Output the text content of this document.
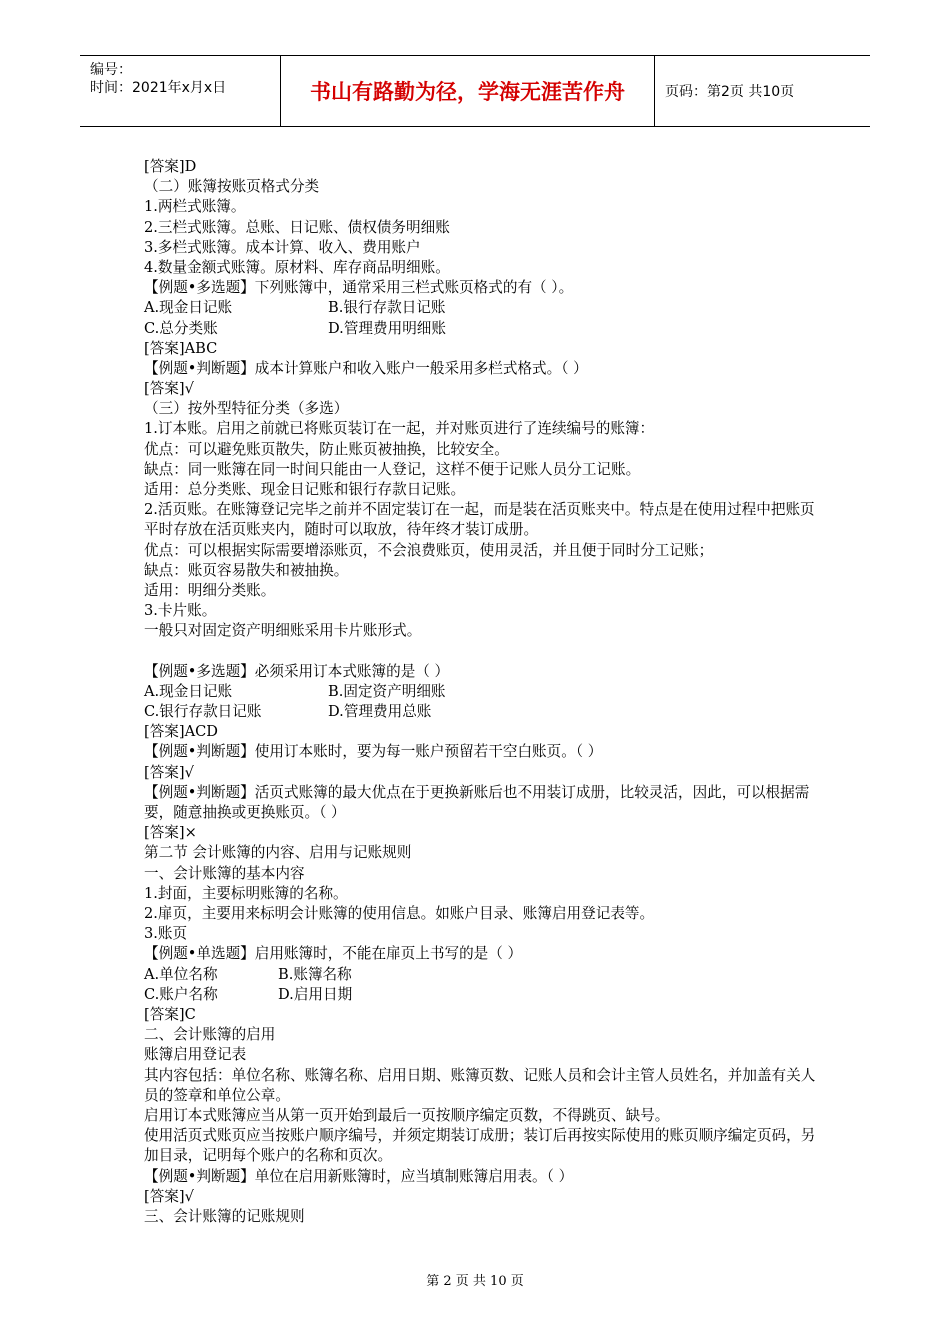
编号：
时间：2021年x月x日	书山有路勤为径，学海无涯苦作舟	页码：第2页 共10页
[答案]D
（二）账簿按账页格式分类
1.两栏式账簿。
2.三栏式账簿。总账、日记账、债权债务明细账
3.多栏式账簿。成本计算、收入、费用账户
4.数量金额式账簿。原材料、库存商品明细账。
【例题•多选题】下列账簿中，通常采用三栏式账页格式的有（ ）。
A.现金日记账	B.银行存款日记账
C.总分类账	D.管理费用明细账
[答案]ABC
【例题•判断题】成本计算账户和收入账户一般采用多栏式格式。（ ）
[答案]√
（三）按外型特征分类（多选）
1.订本账。启用之前就已将账页装订在一起，并对账页进行了连续编号的账簿：
优点：可以避免账页散失，防止账页被抽换，比较安全。
缺点：同一账簿在同一时间只能由一人登记，这样不便于记账人员分工记账。
适用：总分类账、现金日记账和银行存款日记账。
2.活页账。在账簿登记完毕之前并不固定装订在一起，而是装在活页账夹中。特点是在使用过程中把账页平时存放在活页账夹内，随时可以取放，待年终才装订成册。
优点：可以根据实际需要增添账页，不会浪费账页，使用灵活，并且便于同时分工记账；
缺点：账页容易散失和被抽换。
适用：明细分类账。
3.卡片账。
一般只对固定资产明细账采用卡片账形式。
【例题•多选题】必须采用订本式账簿的是（ ）
A.现金日记账	B.固定资产明细账
C.银行存款日记账	D.管理费用总账
[答案]ACD
【例题•判断题】使用订本账时，要为每一账户预留若干空白账页。（ ）
[答案]√
【例题•判断题】活页式账簿的最大优点在于更换新账后也不用装订成册，比较灵活，因此，可以根据需要，随意抽换或更换账页。（ ）
[答案]×
第二节 会计账簿的内容、启用与记账规则
一、会计账簿的基本内容
1.封面，主要标明账簿的名称。
2.扉页，主要用来标明会计账簿的使用信息。如账户目录、账簿启用登记表等。
3.账页
【例题•单选题】启用账簿时，不能在扉页上书写的是（ ）
A.单位名称	B.账簿名称
C.账户名称	D.启用日期
[答案]C
二、会计账簿的启用
账簿启用登记表
其内容包括：单位名称、账簿名称、启用日期、账簿页数、记账人员和会计主管人员姓名，并加盖有关人员的签章和单位公章。
启用订本式账簿应当从第一页开始到最后一页按顺序编定页数，不得跳页、缺号。
使用活页式账页应当按账户顺序编号，并须定期装订成册；装订后再按实际使用的账页顺序编定页码，另加目录，记明每个账户的名称和页次。
【例题•判断题】单位在启用新账簿时，应当填制账簿启用表。（ ）
[答案]√
三、会计账簿的记账规则
第 2 页 共 10 页
